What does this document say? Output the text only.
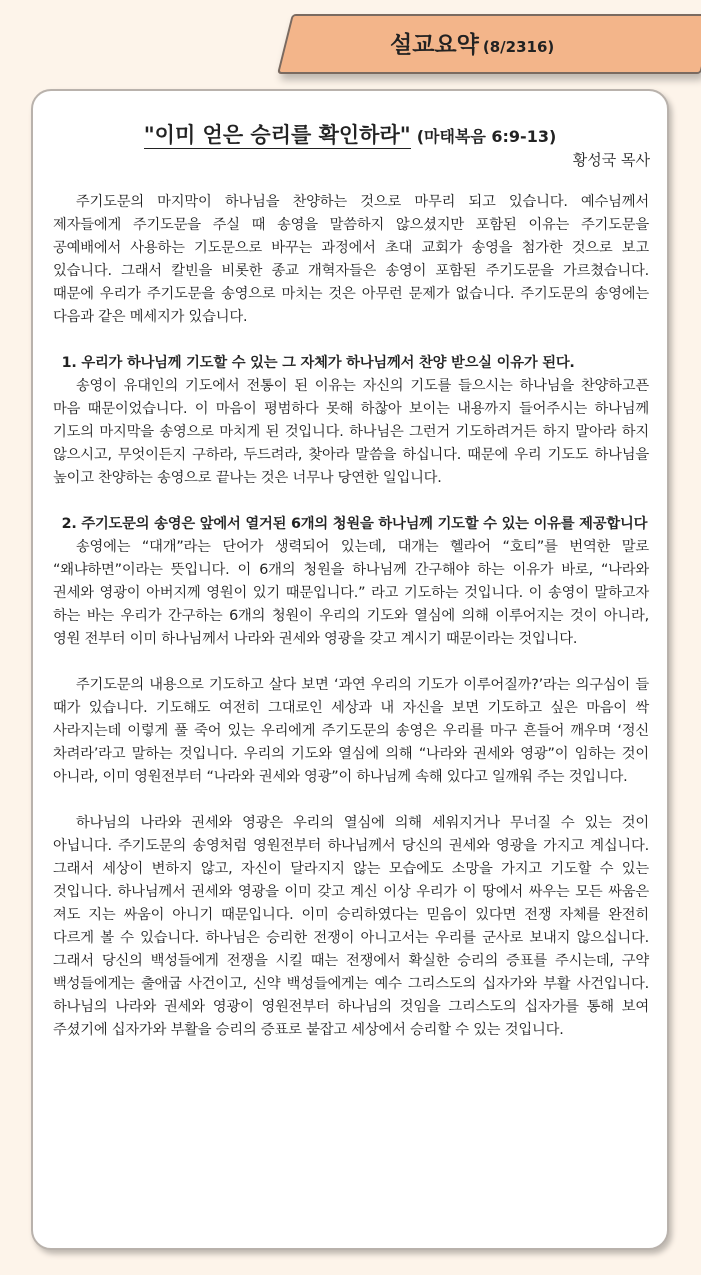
설교요약 (8/2316)
"이미 얻은 승리를 확인하라" (마태복음 6:9-13)
황성국 목사

주기도문의 마지막이 하나님을 찬양하는 것으로 마무리 되고 있습니다. 예수님께서 제자들에게 주기도문을 주실 때 송영을 말씀하지 않으셨지만 포함된 이유는 주기도문을 공예배에서 사용하는 기도문으로 바꾸는 과정에서 초대 교회가 송영을 첨가한 것으로 보고 있습니다. 그래서 칼빈을 비롯한 종교 개혁자들은 송영이 포함된 주기도문을 가르쳤습니다. 때문에 우리가 주기도문을 송영으로 마치는 것은 아무런 문제가 없습니다. 주기도문의 송영에는 다음과 같은 메세지가 있습니다.

1. 우리가 하나님께 기도할 수 있는 그 자체가 하나님께서 찬양 받으실 이유가 된다.

송영이 유대인의 기도에서 전통이 된 이유는 자신의 기도를 들으시는 하나님을 찬양하고픈 마음 때문이었습니다. 이 마음이 평범하다 못해 하찮아 보이는 내용까지 들어주시는 하나님께 기도의 마지막을 송영으로 마치게 된 것입니다. 하나님은 그런거 기도하려거든 하지 말아라 하지 않으시고, 무엇이든지 구하라, 두드려라, 찾아라 말씀을 하십니다. 때문에 우리 기도도 하나님을 높이고 찬양하는 송영으로 끝나는 것은 너무나 당연한 일입니다.

2. 주기도문의 송영은 앞에서 열거된 6개의 청원을 하나님께 기도할 수 있는 이유를 제공합니다

송영에는 “대개”라는 단어가 생력되어 있는데, 대개는 헬라어 “호티”를 번역한 말로 “왜냐하면”이라는 뜻입니다. 이 6개의 청원을 하나님께 간구해야 하는 이유가 바로, “나라와 권세와 영광이 아버지께 영원이 있기 때문입니다.” 라고 기도하는 것입니다. 이 송영이 말하고자 하는 바는 우리가 간구하는 6개의 청원이 우리의 기도와 열심에 의해 이루어지는 것이 아니라, 영원 전부터 이미 하나님께서 나라와 권세와 영광을 갖고 계시기 때문이라는 것입니다.

주기도문의 내용으로 기도하고 살다 보면 ‘과연 우리의 기도가 이루어질까?’라는 의구심이 들 때가 있습니다. 기도해도 여전히 그대로인 세상과 내 자신을 보면 기도하고 싶은 마음이 싹 사라지는데 이렇게 풀 죽어 있는 우리에게 주기도문의 송영은 우리를 마구 흔들어 깨우며 ‘정신 차려라’라고 말하는 것입니다. 우리의 기도와 열심에 의해 “나라와 권세와 영광”이 임하는 것이 아니라, 이미 영원전부터 “나라와 권세와 영광”이 하나님께 속해 있다고 일깨워 주는 것입니다.

하나님의 나라와 권세와 영광은 우리의 열심에 의해 세워지거나 무너질 수 있는 것이 아닙니다. 주기도문의 송영처럼 영원전부터 하나님께서 당신의 권세와 영광을 가지고 계십니다. 그래서 세상이 변하지 않고, 자신이 달라지지 않는 모습에도 소망을 가지고 기도할 수 있는 것입니다. 하나님께서 권세와 영광을 이미 갖고 계신 이상 우리가 이 땅에서 싸우는 모든 싸움은 져도 지는 싸움이 아니기 때문입니다. 이미 승리하였다는 믿음이 있다면 전쟁 자체를 완전히 다르게 볼 수 있습니다. 하나님은 승리한 전쟁이 아니고서는 우리를 군사로 보내지 않으십니다. 그래서 당신의 백성들에게 전쟁을 시킬 때는 전쟁에서 확실한 승리의 증표를 주시는데, 구약 백성들에게는 출애굽 사건이고, 신약 백성들에게는 예수 그리스도의 십자가와 부활 사건입니다. 하나님의 나라와 권세와 영광이 영원전부터 하나님의 것임을 그리스도의 십자가를 통해 보여 주셨기에 십자가와 부활을 승리의 증표로 붙잡고 세상에서 승리할 수 있는 것입니다.
